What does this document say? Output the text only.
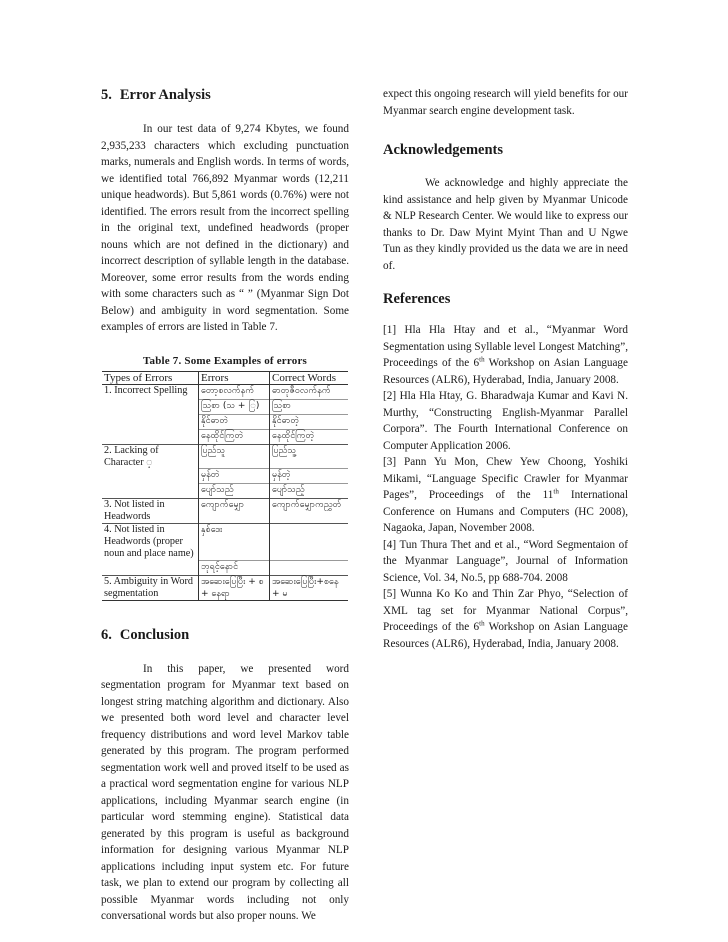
5. Error Analysis

In our test data of 9,274 Kbytes, we found 2,935,233 characters which excluding punctuation marks, numerals and English words. In terms of words, we identified total 766,892 Myanmar words (12,211 unique headwords). But 5,861 words (0.76%) were not identified. The errors result from the incorrect spelling in the original text, undefined headwords (proper nouns which are not defined in the dictionary) and incorrect description of syllable length in the database. Moreover, some error results from the words ending with some characters such as “ ” (Myanmar Sign Dot Below) and ambiguity in word segmentation. Some examples of errors are listed in Table 7.

Table 7. Some Examples of errors
Types of Errors	Errors	Correct Words
1. Incorrect Spelling	တော့စလက်နက်	ဓာတုဇီဝလက်နက်
	သြစာ (သ + ြ)	သြစာ
	နိုင်ဓာတဲ	နိုင်ဓာတဲ့
	နေထိုင်ကြတဲ	နေထိုင်ကြတဲ့
2. Lacking of Character ့	ပြည်သူ	ပြည်သူ့
	မှန်တဲ	မှန်တဲ့
	ပျော်သည်	ပျော်သည့်
3. Not listed in Headwords	ကျောက်မျှော	ကျောက်မျှောကညွှတ်
4. Not listed in Headwords (proper noun and place name)	နှစ်ဒေး	
	ဘုရင့်နောင်	
5. Ambiguity in Word segmentation	အဆေးပြေပြီး + စ + နေရာ	အဆေးပြေပြီး+စနေ + မ
6. Conclusion

In this paper, we presented word segmentation program for Myanmar text based on longest string matching algorithm and dictionary. Also we presented both word level and character level frequency distributions and word level Markov table generated by this program. The program performed segmentation work well and proved itself to be used as a practical word segmentation engine for various NLP applications, including Myanmar search engine (in particular word stemming engine). Statistical data generated by this program is useful as background information for designing various Myanmar NLP applications including input system etc. For future task, we plan to extend our program by collecting all possible Myanmar words including not only conversational words but also proper nouns. We

expect this ongoing research will yield benefits for our Myanmar search engine development task.

Acknowledgements

We acknowledge and highly appreciate the kind assistance and help given by Myanmar Unicode & NLP Research Center. We would like to express our thanks to Dr. Daw Myint Myint Than and U Ngwe Tun as they kindly provided us the data we are in need of.

References

[1] Hla Hla Htay and et al., “Myanmar Word Segmentation using Syllable level Longest Matching”, Proceedings of the 6th Workshop on Asian Language Resources (ALR6), Hyderabad, India, January 2008.

[2] Hla Hla Htay, G. Bharadwaja Kumar and Kavi N. Murthy, “Constructing English-Myanmar Parallel Corpora”. The Fourth International Conference on Computer Application 2006.

[3] Pann Yu Mon, Chew Yew Choong, Yoshiki Mikami, “Language Specific Crawler for Myanmar Pages”, Proceedings of the 11th International Conference on Humans and Computers (HC 2008), Nagaoka, Japan, November 2008.

[4] Tun Thura Thet and et al., “Word Segmentaion of the Myanmar Language”, Journal of Information Science, Vol. 34, No.5, pp 688-704. 2008

[5] Wunna Ko Ko and Thin Zar Phyo, “Selection of XML tag set for Myanmar National Corpus”, Proceedings of the 6th Workshop on Asian Language Resources (ALR6), Hyderabad, India, January 2008.
